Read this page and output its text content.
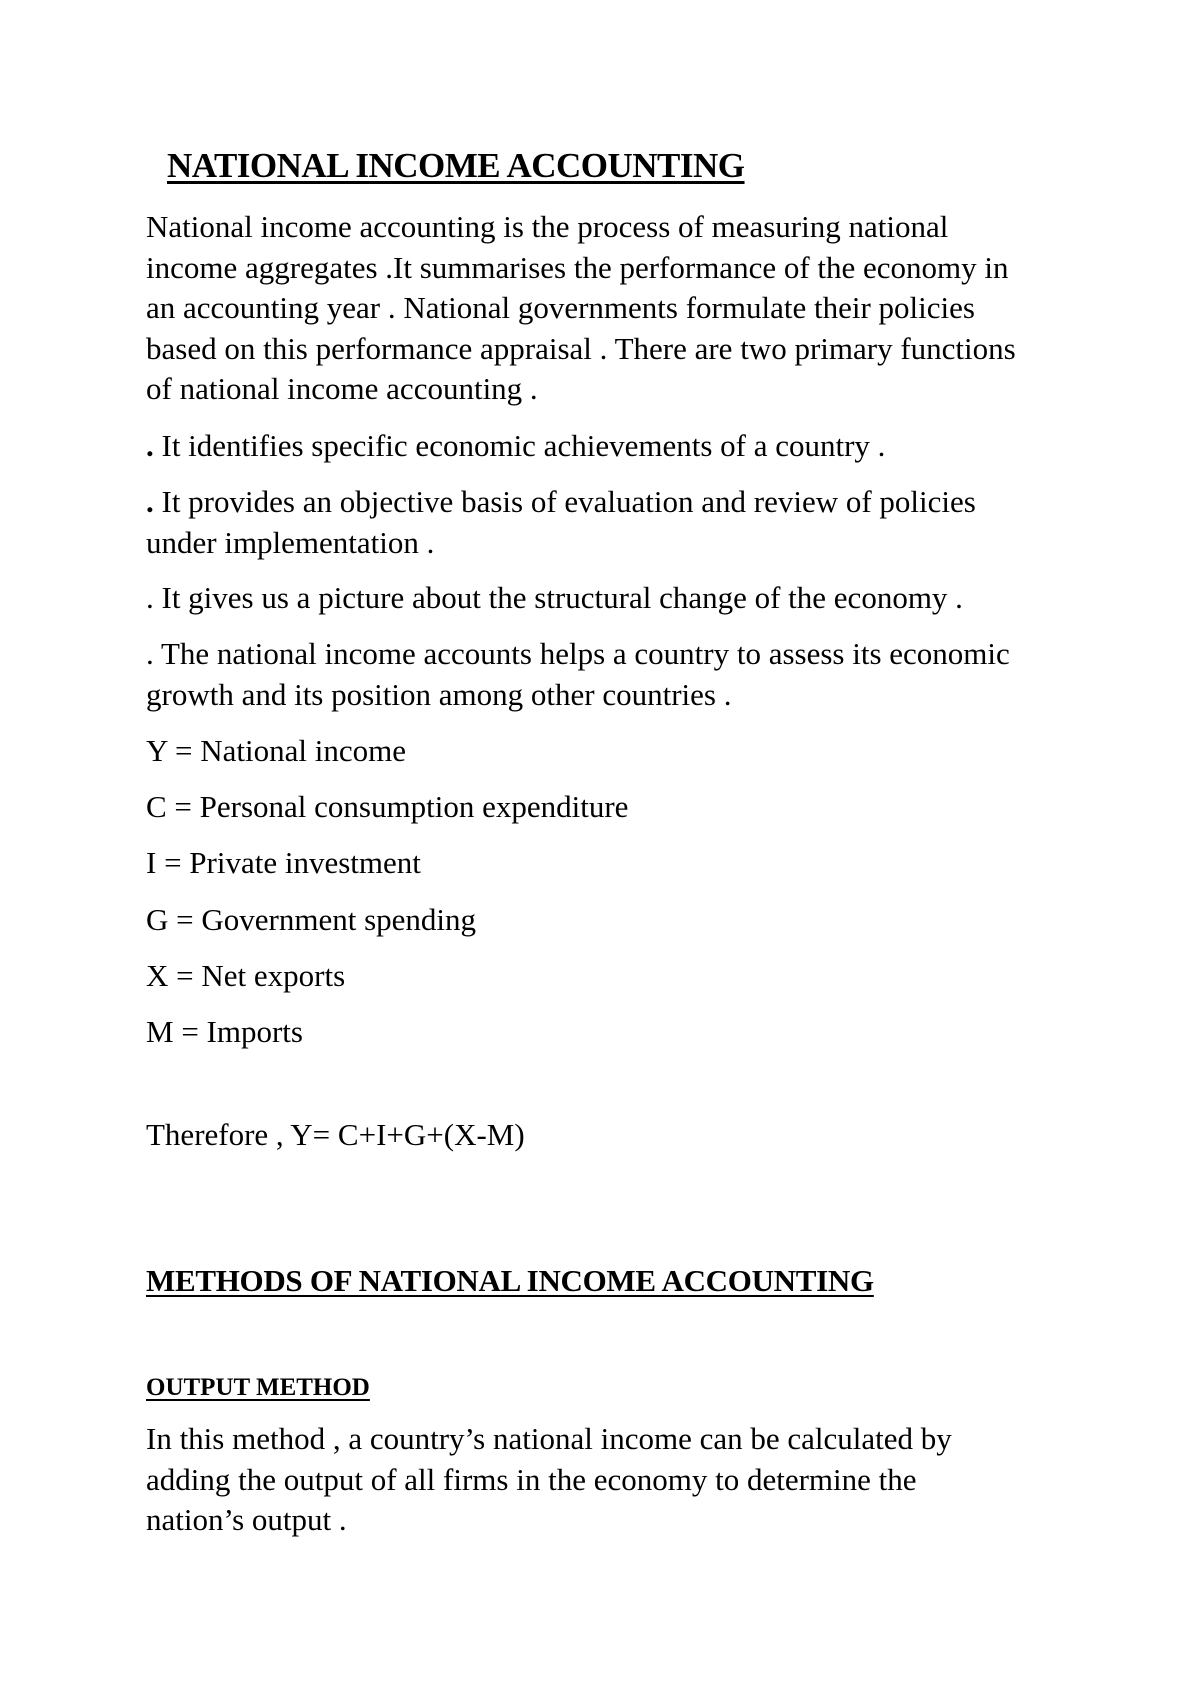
NATIONAL INCOME ACCOUNTING

National income accounting is the process of measuring national
income aggregates .It summarises the performance of the economy in
an accounting year . National governments formulate their policies
based on this performance appraisal . There are two primary functions
of national income accounting .

. It identifies specific economic achievements of a country .

. It provides an objective basis of evaluation and review of policies
under implementation .

. It gives us a picture about the structural change of the economy .

. The national income accounts helps a country to assess its economic
growth and its position among other countries .

Y = National income

C = Personal consumption expenditure

I = Private investment

G = Government spending

X = Net exports

M = Imports

Therefore , Y= C+I+G+(X-M)

METHODS OF NATIONAL INCOME ACCOUNTING
OUTPUT METHOD

In this method , a country’s national income can be calculated by
adding the output of all firms in the economy to determine the
nation’s output .
